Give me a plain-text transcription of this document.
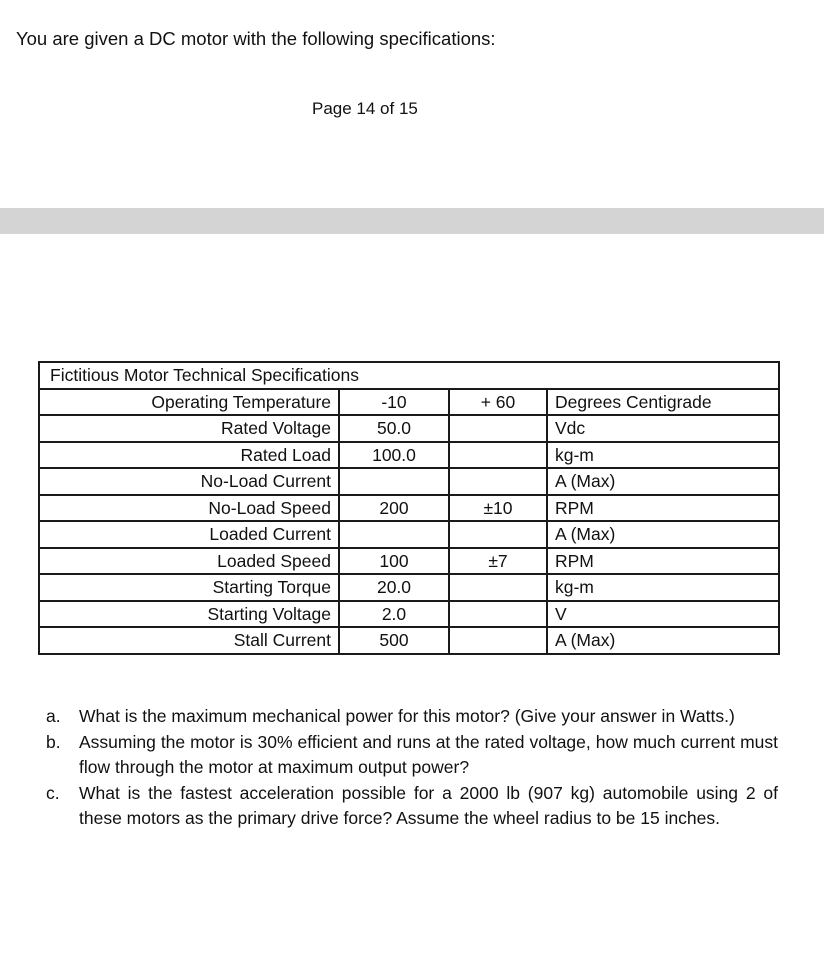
You are given a DC motor with the following specifications:
Page 14 of 15
Fictitious Motor Technical Specifications			
Operating Temperature	-10	+ 60	Degrees Centigrade
Rated Voltage	50.0		Vdc
Rated Load	100.0		kg-m
No-Load Current			A (Max)
No-Load Speed	200	±10	RPM
Loaded Current			A (Max)
Loaded Speed	100	±7	RPM
Starting Torque	20.0		kg-m
Starting Voltage	2.0		V
Stall Current	500		A (Max)
a. What is the maximum mechanical power for this motor? (Give your answer in Watts.)
b. Assuming the motor is 30% efficient and runs at the rated voltage, how much current must flow through the motor at maximum output power?
c. What is the fastest acceleration possible for a 2000 lb (907 kg) automobile using 2 of these motors as the primary drive force? Assume the wheel radius to be 15 inches.
